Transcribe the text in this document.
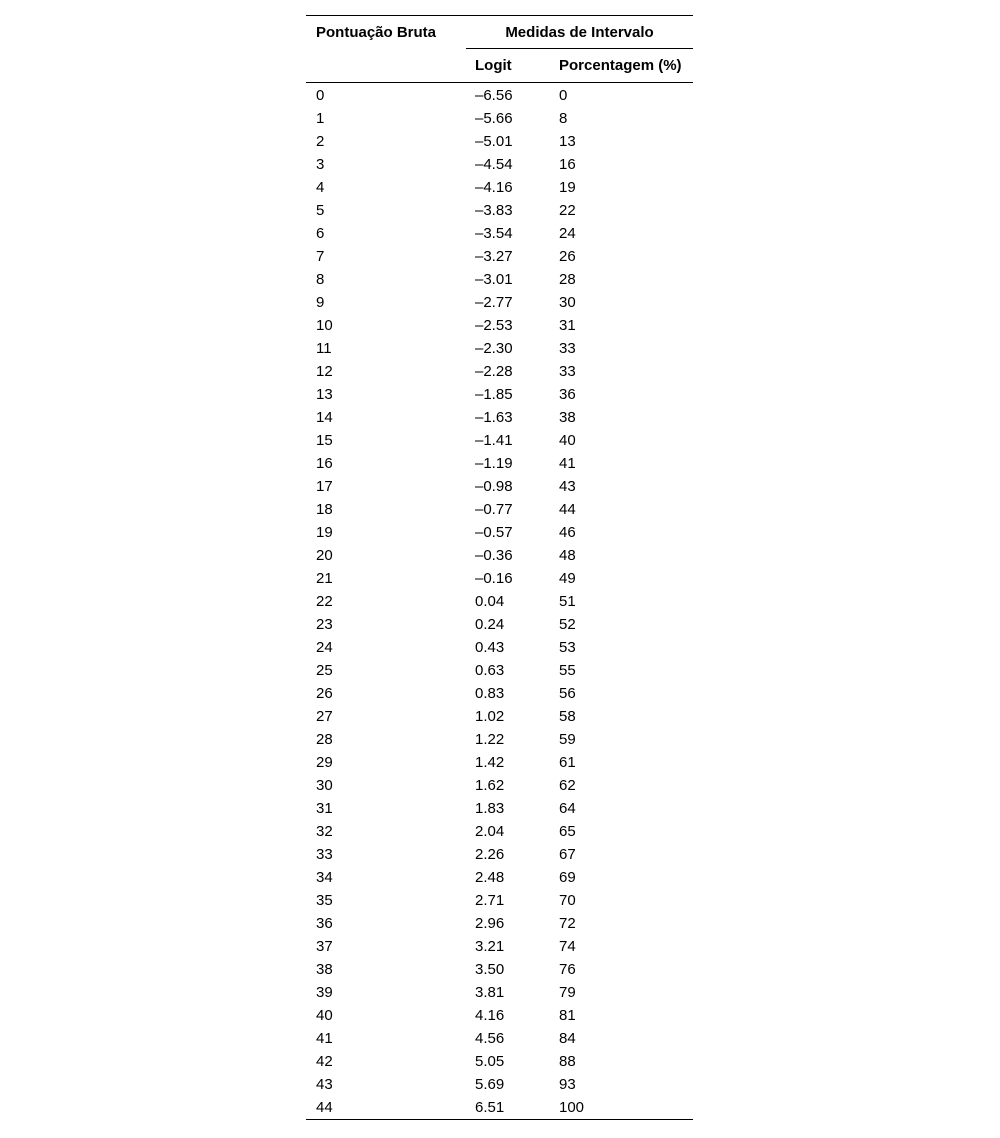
Pontuação Bruta	Medidas de Intervalo	
	Logit	Porcentagem (%)
0	–6.56	0
1	–5.66	8
2	–5.01	13
3	–4.54	16
4	–4.16	19
5	–3.83	22
6	–3.54	24
7	–3.27	26
8	–3.01	28
9	–2.77	30
10	–2.53	31
11	–2.30	33
12	–2.28	33
13	–1.85	36
14	–1.63	38
15	–1.41	40
16	–1.19	41
17	–0.98	43
18	–0.77	44
19	–0.57	46
20	–0.36	48
21	–0.16	49
22	0.04	51
23	0.24	52
24	0.43	53
25	0.63	55
26	0.83	56
27	1.02	58
28	1.22	59
29	1.42	61
30	1.62	62
31	1.83	64
32	2.04	65
33	2.26	67
34	2.48	69
35	2.71	70
36	2.96	72
37	3.21	74
38	3.50	76
39	3.81	79
40	4.16	81
41	4.56	84
42	5.05	88
43	5.69	93
44	6.51	100
